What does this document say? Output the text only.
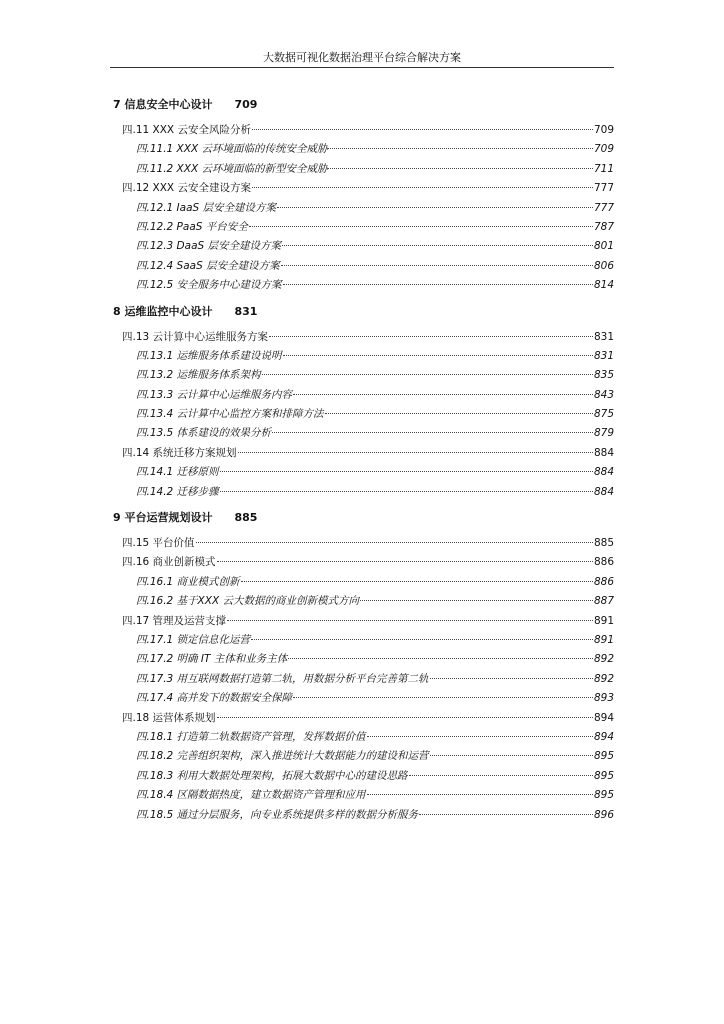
大数据可视化数据治理平台综合解决方案
7 信息安全中心设计 709
四.11 XXX 云安全风险分析	709
四.11.1 XXX 云环境面临的传统安全威胁	709
四.11.2 XXX 云环境面临的新型安全威胁	711
四.12 XXX 云安全建设方案	777
四.12.1 IaaS 层安全建设方案	777
四.12.2 PaaS 平台安全	787
四.12.3 DaaS 层安全建设方案	801
四.12.4 SaaS 层安全建设方案	806
四.12.5 安全服务中心建设方案	814
8 运维监控中心设计 831
四.13 云计算中心运维服务方案	831
四.13.1 运维服务体系建设说明	831
四.13.2 运维服务体系架构	835
四.13.3 云计算中心运维服务内容	843
四.13.4 云计算中心监控方案和排障方法	875
四.13.5 体系建设的效果分析	879
四.14 系统迁移方案规划	884
四.14.1 迁移原则	884
四.14.2 迁移步骤	884
9 平台运营规划设计 885
四.15 平台价值	885
四.16 商业创新模式	886
四.16.1 商业模式创新	886
四.16.2 基于XXX 云大数据的商业创新模式方向	887
四.17 管理及运营支撑	891
四.17.1 锁定信息化运营	891
四.17.2 明确 IT 主体和业务主体	892
四.17.3 用互联网数据打造第二轨，用数据分析平台完善第二轨	892
四.17.4 高并发下的数据安全保障	893
四.18 运营体系规划	894
四.18.1 打造第二轨数据资产管理，发挥数据价值	894
四.18.2 完善组织架构，深入推进统计大数据能力的建设和运营	895
四.18.3 利用大数据处理架构，拓展大数据中心的建设思路	895
四.18.4 区隔数据热度，建立数据资产管理和应用	895
四.18.5 通过分层服务，向专业系统提供多样的数据分析服务	896
